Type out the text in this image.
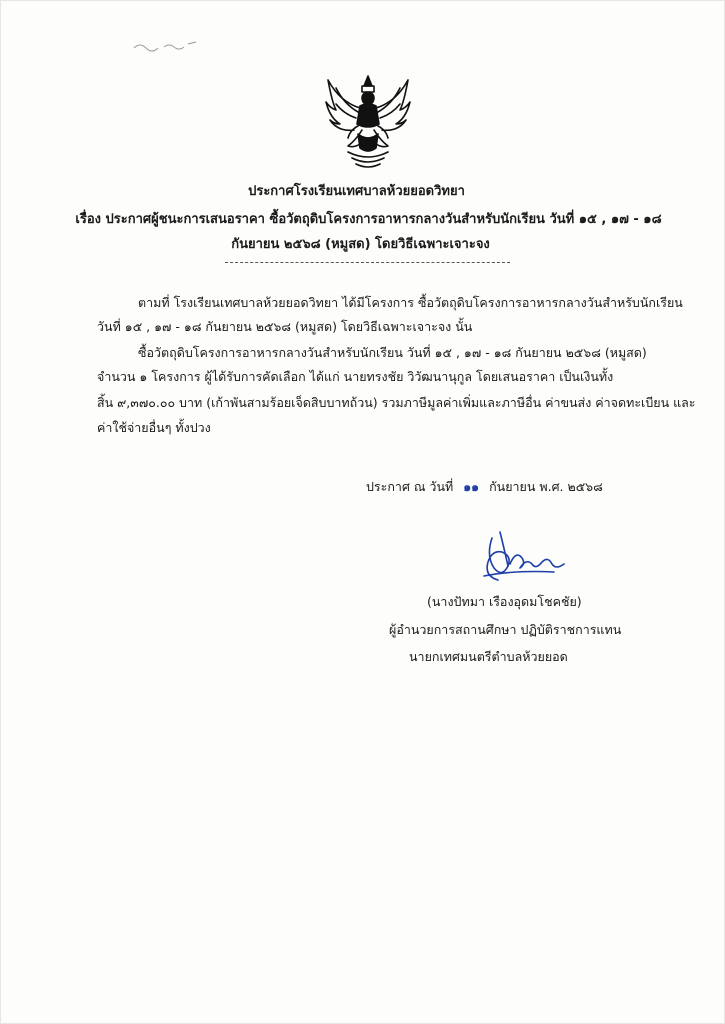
ประกาศโรงเรียนเทศบาลห้วยยอดวิทยา
เรื่อง ประกาศผู้ชนะการเสนอราคา ซื้อวัตถุดิบโครงการอาหารกลางวันสำหรับนักเรียน วันที่ ๑๕ , ๑๗ - ๑๘
กันยายน ๒๕๖๘ (หมูสด) โดยวิธีเฉพาะเจาะจง
ตามที่ โรงเรียนเทศบาลห้วยยอดวิทยา ได้มีโครงการ ซื้อวัตถุดิบโครงการอาหารกลางวันสำหรับนักเรียน
วันที่ ๑๕ , ๑๗ - ๑๘ กันยายน ๒๕๖๘ (หมูสด) โดยวิธีเฉพาะเจาะจง นั้น
ซื้อวัตถุดิบโครงการอาหารกลางวันสำหรับนักเรียน วันที่ ๑๕ , ๑๗ - ๑๘ กันยายน ๒๕๖๘ (หมูสด)
จำนวน ๑ โครงการ ผู้ได้รับการคัดเลือก ได้แก่ นายทรงชัย วิวัฒนานุกูล โดยเสนอราคา เป็นเงินทั้ง
สิ้น ๙,๓๗๐.๐๐ บาท (เก้าพันสามร้อยเจ็ดสิบบาทถ้วน) รวมภาษีมูลค่าเพิ่มและภาษีอื่น ค่าขนส่ง ค่าจดทะเบียน และ
ค่าใช้จ่ายอื่นๆ ทั้งปวง
ประกาศ ณ วันที่ ๑๑ กันยายน พ.ศ. ๒๕๖๘
(นางปัทมา เรืองอุดมโชคชัย)
ผู้อำนวยการสถานศึกษา ปฏิบัติราชการแทน
นายกเทศมนตรีตำบลห้วยยอด
